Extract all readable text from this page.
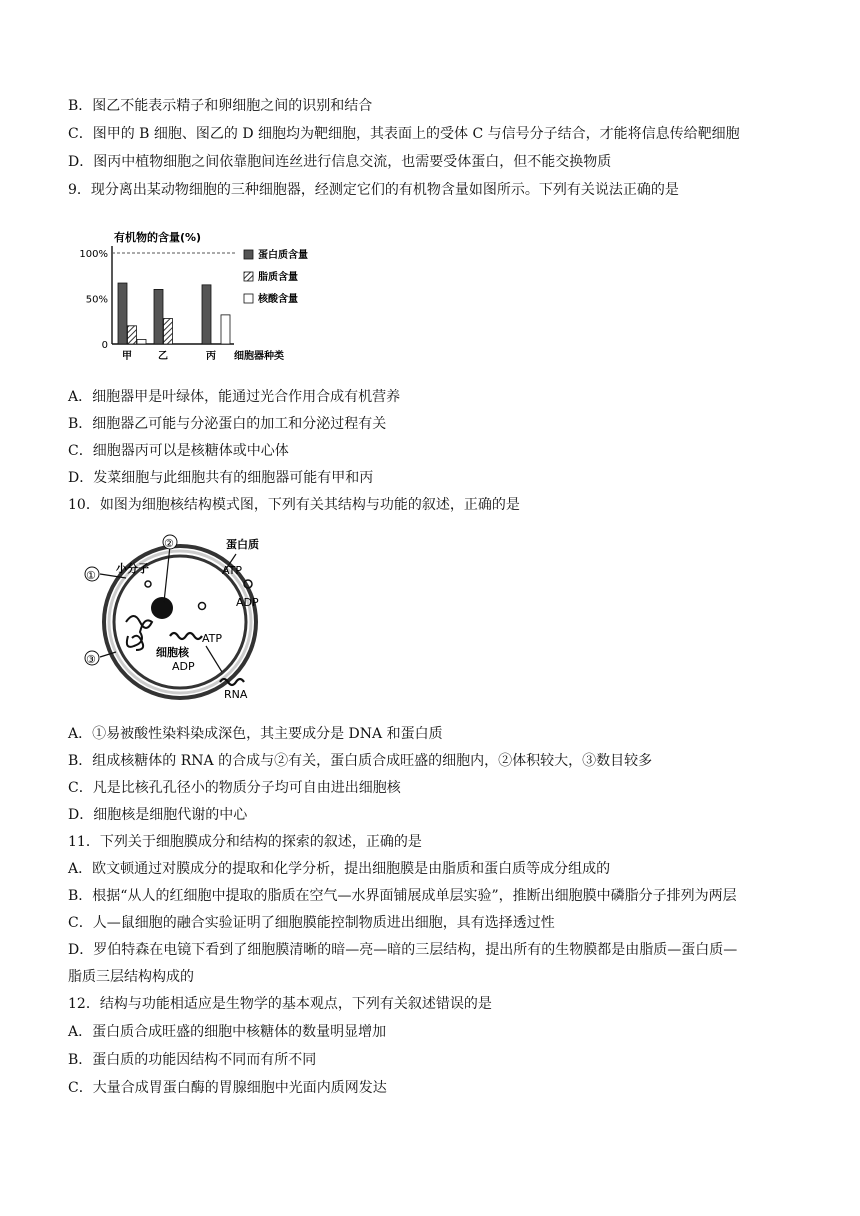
B．图乙不能表示精子和卵细胞之间的识别和结合
C．图甲的 B 细胞、图乙的 D 细胞均为靶细胞，其表面上的受体 C 与信号分子结合，才能将信息传给靶细胞
D．图丙中植物细胞之间依靠胞间连丝进行信息交流，也需要受体蛋白，但不能交换物质
9．现分离出某动物细胞的三种细胞器，经测定它们的有机物含量如图所示。下列有关说法正确的是
有机物的含量(%)
0
50%
100%
甲	乙	丙 细胞器种类
蛋白质含量
脂质含量
核酸含量
A．细胞器甲是叶绿体，能通过光合作用合成有机营养
B．细胞器乙可能与分泌蛋白的加工和分泌过程有关
C．细胞器丙可以是核糖体或中心体
D．发菜细胞与此细胞共有的细胞器可能有甲和丙
10．如图为细胞核结构模式图，下列有关其结构与功能的叙述，正确的是
②
①
③
小分子
蛋白质
ATP
ADP
ATP
细胞核
ADP
RNA
A．①易被酸性染料染成深色，其主要成分是 DNA 和蛋白质
B．组成核糖体的 RNA 的合成与②有关，蛋白质合成旺盛的细胞内，②体积较大，③数目较多
C．凡是比核孔孔径小的物质分子均可自由进出细胞核
D．细胞核是细胞代谢的中心
11．下列关于细胞膜成分和结构的探索的叙述，正确的是
A．欧文顿通过对膜成分的提取和化学分析，提出细胞膜是由脂质和蛋白质等成分组成的
B．根据“从人的红细胞中提取的脂质在空气—水界面铺展成单层实验”，推断出细胞膜中磷脂分子排列为两层
C．人—鼠细胞的融合实验证明了细胞膜能控制物质进出细胞，具有选择透过性
D．罗伯特森在电镜下看到了细胞膜清晰的暗—亮—暗的三层结构，提出所有的生物膜都是由脂质—蛋白质—
脂质三层结构构成的
12．结构与功能相适应是生物学的基本观点，下列有关叙述错误的是
A．蛋白质合成旺盛的细胞中核糖体的数量明显增加
B．蛋白质的功能因结构不同而有所不同
C．大量合成胃蛋白酶的胃腺细胞中光面内质网发达
